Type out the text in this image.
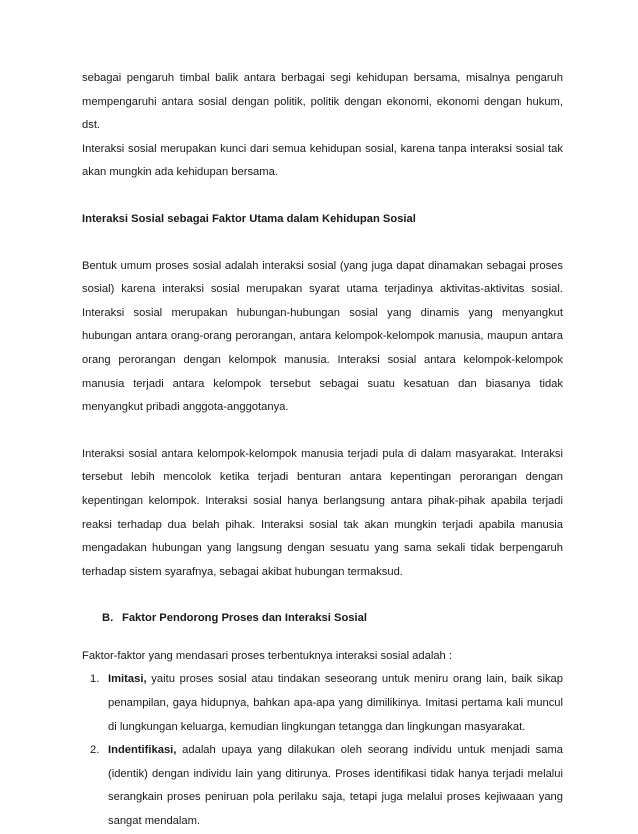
sebagai pengaruh timbal balik antara berbagai segi kehidupan bersama, misalnya pengaruh mempengaruhi antara sosial dengan politik, politik dengan ekonomi, ekonomi dengan hukum, dst.

Interaksi sosial merupakan kunci dari semua kehidupan sosial, karena tanpa interaksi sosial tak akan mungkin ada kehidupan bersama.

Interaksi Sosial sebagai Faktor Utama dalam Kehidupan Sosial

Bentuk umum proses sosial adalah interaksi sosial (yang juga dapat dinamakan sebagai proses sosial) karena interaksi sosial merupakan syarat utama terjadinya aktivitas-aktivitas sosial. Interaksi sosial merupakan hubungan-hubungan sosial yang dinamis yang menyangkut hubungan antara orang-orang perorangan, antara kelompok-kelompok manusia, maupun antara orang perorangan dengan kelompok manusia. Interaksi sosial antara kelompok-kelompok manusia terjadi antara kelompok tersebut sebagai suatu kesatuan dan biasanya tidak menyangkut pribadi anggota-anggotanya.

Interaksi sosial antara kelompok-kelompok manusia terjadi pula di dalam masyarakat. Interaksi tersebut lebih mencolok ketika terjadi benturan antara kepentingan perorangan dengan kepentingan kelompok. Interaksi sosial hanya berlangsung antara pihak-pihak apabila terjadi reaksi terhadap dua belah pihak. Interaksi sosial tak akan mungkin terjadi apabila manusia mengadakan hubungan yang langsung dengan sesuatu yang sama sekali tidak berpengaruh terhadap sistem syarafnya, sebagai akibat hubungan termaksud.

B. Faktor Pendorong Proses dan Interaksi Sosial

Faktor-faktor yang mendasari proses terbentuknya interaksi sosial adalah :

1. Imitasi, yaitu proses sosial atau tindakan seseorang untuk meniru orang lain, baik sikap penampilan, gaya hidupnya, bahkan apa-apa yang dimilikinya. Imitasi pertama kali muncul di lungkungan keluarga, kemudian lingkungan tetangga dan lingkungan masyarakat.
2. Indentifikasi, adalah upaya yang dilakukan oleh seorang individu untuk menjadi sama (identik) dengan individu lain yang ditirunya. Proses identifikasi tidak hanya terjadi melalui serangkain proses peniruan pola perilaku saja, tetapi juga melalui proses kejiwaaan yang sangat mendalam.
